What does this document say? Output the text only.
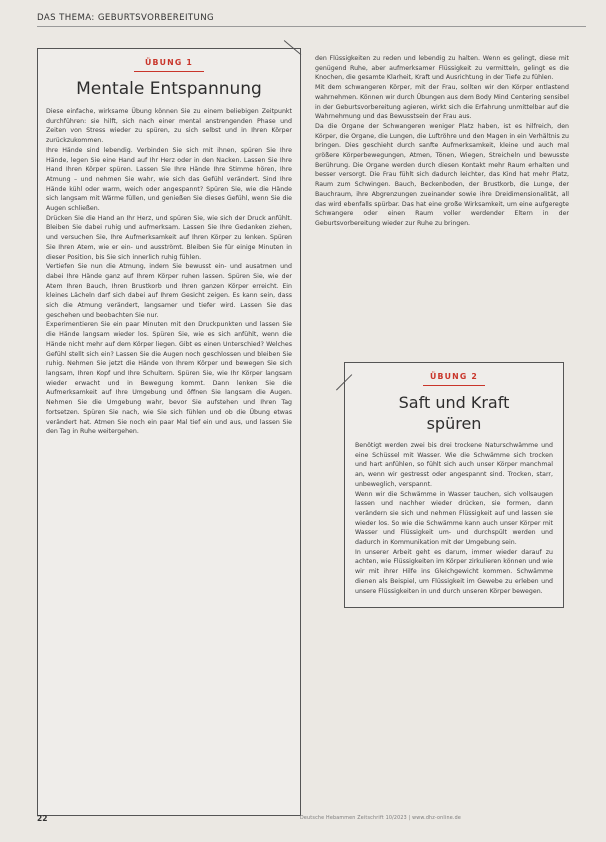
DAS THEMA: GEBURTSVORBEREITUNG
ÜBUNG 1
Mentale Entspannung

Diese einfache, wirksame Übung können Sie zu einem beliebigen Zeitpunkt durchführen: sie hilft, sich nach einer mental anstrengenden Phase und Zeiten von Stress wieder zu spüren, zu sich selbst und in Ihren Körper zurückzukommen.

Ihre Hände sind lebendig. Verbinden Sie sich mit ihnen, spüren Sie Ihre Hände, legen Sie eine Hand auf Ihr Herz oder in den Nacken. Lassen Sie Ihre Hand Ihren Körper spüren. Lassen Sie Ihre Hände Ihre Stimme hören, Ihre Atmung – und nehmen Sie wahr, wie sich das Gefühl verändert. Sind Ihre Hände kühl oder warm, weich oder angespannt? Spüren Sie, wie die Hände sich langsam mit Wärme füllen, und genießen Sie dieses Gefühl, wenn Sie die Augen schließen.

Drücken Sie die Hand an Ihr Herz, und spüren Sie, wie sich der Druck anfühlt. Bleiben Sie dabei ruhig und aufmerksam. Lassen Sie Ihre Gedanken ziehen, und versuchen Sie, Ihre Aufmerksamkeit auf Ihren Körper zu lenken. Spüren Sie Ihren Atem, wie er ein- und ausströmt. Bleiben Sie für einige Minuten in dieser Position, bis Sie sich innerlich ruhig fühlen.

Vertiefen Sie nun die Atmung, indem Sie bewusst ein- und ausatmen und dabei Ihre Hände ganz auf Ihrem Körper ruhen lassen. Spüren Sie, wie der Atem Ihren Bauch, Ihren Brustkorb und Ihren ganzen Körper erreicht. Ein kleines Lächeln darf sich dabei auf Ihrem Gesicht zeigen. Es kann sein, dass sich die Atmung verändert, langsamer und tiefer wird. Lassen Sie das geschehen und beobachten Sie nur.

Experimentieren Sie ein paar Minuten mit den Druckpunkten und lassen Sie die Hände langsam wieder los. Spüren Sie, wie es sich anfühlt, wenn die Hände nicht mehr auf dem Körper liegen. Gibt es einen Unterschied? Welches Gefühl stellt sich ein? Lassen Sie die Augen noch geschlossen und bleiben Sie ruhig. Nehmen Sie jetzt die Hände von Ihrem Körper und bewegen Sie sich langsam, Ihren Kopf und Ihre Schultern. Spüren Sie, wie Ihr Körper langsam wieder erwacht und in Bewegung kommt. Dann lenken Sie die Aufmerksamkeit auf Ihre Umgebung und öffnen Sie langsam die Augen. Nehmen Sie die Umgebung wahr, bevor Sie aufstehen und Ihren Tag fortsetzen. Spüren Sie nach, wie Sie sich fühlen und ob die Übung etwas verändert hat. Atmen Sie noch ein paar Mal tief ein und aus, und lassen Sie den Tag in Ruhe weitergehen.

den Flüssigkeiten zu reden und lebendig zu halten. Wenn es gelingt, diese mit genügend Ruhe, aber aufmerksamer Flüssigkeit zu vermitteln, gelingt es die Knochen, die gesamte Klarheit, Kraft und Ausrichtung in der Tiefe zu fühlen.

Mit dem schwangeren Körper, mit der Frau, sollten wir den Körper entlastend wahrnehmen. Können wir durch Übungen aus dem Body Mind Centering sensibel in der Geburtsvorbereitung agieren, wirkt sich die Erfahrung unmittelbar auf die Wahrnehmung und das Bewusstsein der Frau aus.

Da die Organe der Schwangeren weniger Platz haben, ist es hilfreich, den Körper, die Organe, die Lungen, die Luftröhre und den Magen in ein Verhältnis zu bringen. Dies geschieht durch sanfte Aufmerksamkeit, kleine und auch mal größere Körperbewegungen, Atmen, Tönen, Wiegen, Streicheln und bewusste Berührung. Die Organe werden durch diesen Kontakt mehr Raum erhalten und besser versorgt. Die Frau fühlt sich dadurch leichter, das Kind hat mehr Platz, Raum zum Schwingen. Bauch, Beckenboden, der Brustkorb, die Lunge, der Bauchraum, ihre Abgrenzungen zueinander sowie ihre Dreidimensionalität, all das wird ebenfalls spürbar. Das hat eine große Wirksamkeit, um eine aufgeregte Schwangere oder einen Raum voller werdender Eltern in der Geburtsvorbereitung wieder zur Ruhe zu bringen.

ÜBUNG 2
Saft und Kraft
spüren

Benötigt werden zwei bis drei trockene Naturschwämme und eine Schüssel mit Wasser. Wie die Schwämme sich trocken und hart anfühlen, so fühlt sich auch unser Körper manchmal an, wenn wir gestresst oder angespannt sind. Trocken, starr, unbeweglich, verspannt.

Wenn wir die Schwämme in Wasser tauchen, sich vollsaugen lassen und nachher wieder drücken, sie formen, dann verändern sie sich und nehmen Flüssigkeit auf und lassen sie wieder los. So wie die Schwämme kann auch unser Körper mit Wasser und Flüssigkeit um- und durchspült werden und dadurch in Kommunikation mit der Umgebung sein.

In unserer Arbeit geht es darum, immer wieder darauf zu achten, wie Flüssigkeiten im Körper zirkulieren können und wie wir mit ihrer Hilfe ins Gleichgewicht kommen. Schwämme dienen als Beispiel, um Flüssigkeit im Gewebe zu erleben und unsere Flüssigkeiten in und durch unseren Körper bewegen.

22	Deutsche Hebammen Zeitschrift 10/2023 | www.dhz-online.de
